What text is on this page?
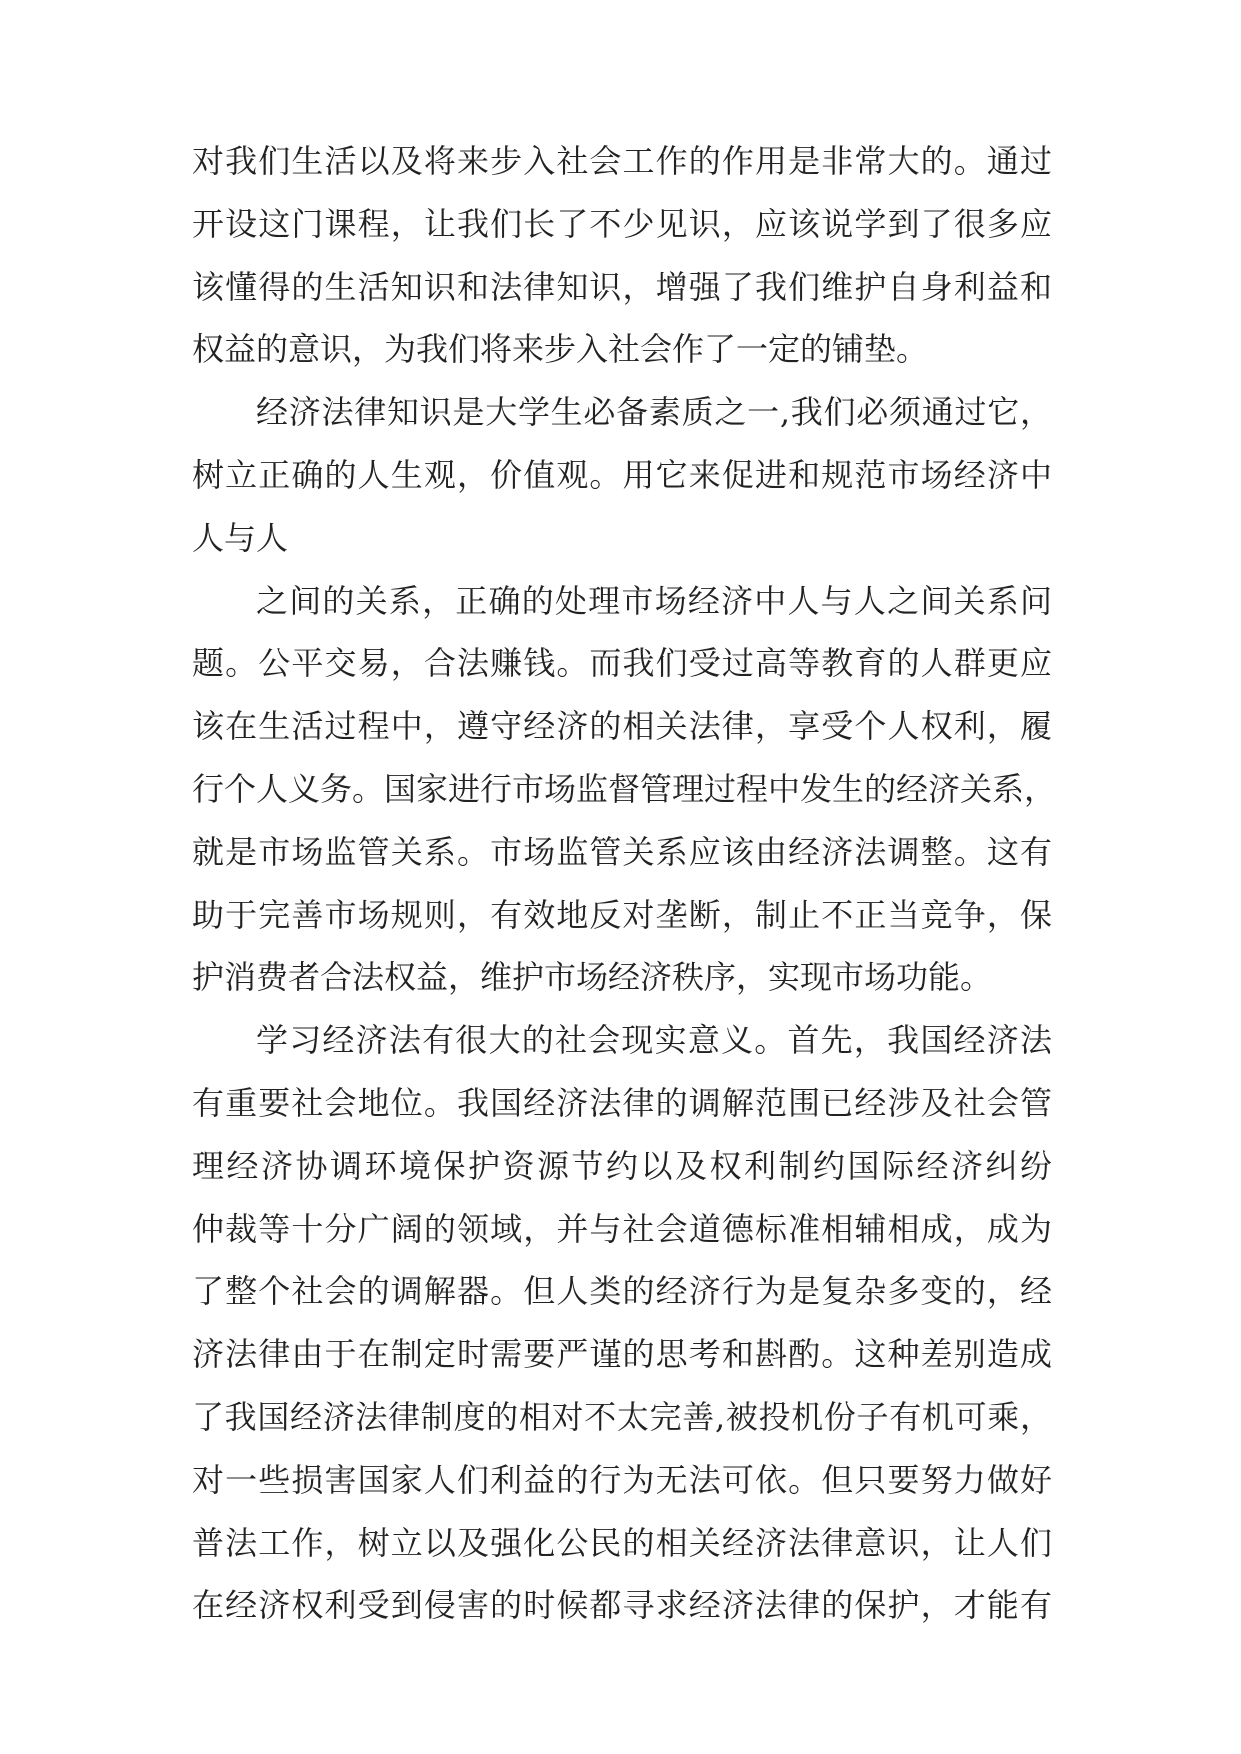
对我们生活以及将来步入社会工作的作用是非常大的。通过
开设这门课程，让我们长了不少见识，应该说学到了很多应
该懂得的生活知识和法律知识，增强了我们维护自身利益和
权益的意识，为我们将来步入社会作了一定的铺垫。
经济法律知识是大学生必备素质之一,我们必须通过它，
树立正确的人生观，价值观。用它来促进和规范市场经济中
人与人
之间的关系，正确的处理市场经济中人与人之间关系问
题。公平交易，合法赚钱。而我们受过高等教育的人群更应
该在生活过程中，遵守经济的相关法律，享受个人权利，履
行个人义务。国家进行市场监督管理过程中发生的经济关系，
就是市场监管关系。市场监管关系应该由经济法调整。这有
助于完善市场规则，有效地反对垄断，制止不正当竞争，保
护消费者合法权益，维护市场经济秩序，实现市场功能。
学习经济法有很大的社会现实意义。首先，我国经济法
有重要社会地位。我国经济法律的调解范围已经涉及社会管
理经济协调环境保护资源节约以及权利制约国际经济纠纷
仲裁等十分广阔的领域，并与社会道德标准相辅相成，成为
了整个社会的调解器。但人类的经济行为是复杂多变的，经
济法律由于在制定时需要严谨的思考和斟酌。这种差别造成
了我国经济法律制度的相对不太完善,被投机份子有机可乘，
对一些损害国家人们利益的行为无法可依。但只要努力做好
普法工作，树立以及强化公民的相关经济法律意识，让人们
在经济权利受到侵害的时候都寻求经济法律的保护，才能有
